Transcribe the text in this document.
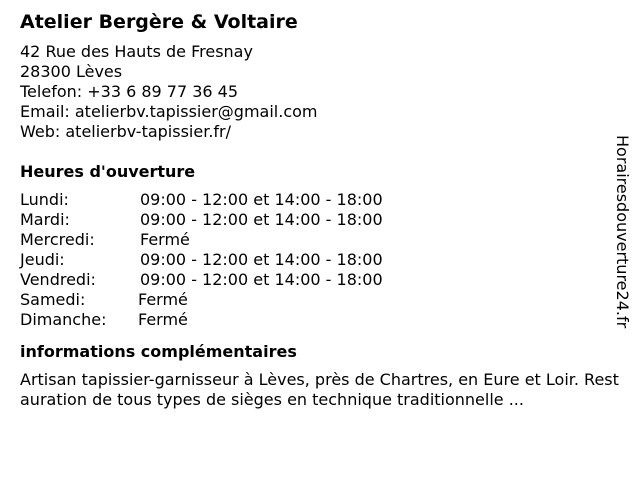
Atelier Bergère & Voltaire
42 Rue des Hauts de Fresnay
28300 Lèves
Telefon: +33 6 89 77 36 45
Email: atelierbv.tapissier@gmail.com
Web: atelierbv-tapissier.fr/
Heures d'ouverture
Lundi:	09:00 - 12:00 et 14:00 - 18:00
Mardi:	09:00 - 12:00 et 14:00 - 18:00
Mercredi:	Fermé
Jeudi:	09:00 - 12:00 et 14:00 - 18:00
Vendredi:	09:00 - 12:00 et 14:00 - 18:00
Samedi:	Fermé
Dimanche: Fermé
informations complémentaires
Artisan tapissier-garnisseur à Lèves, près de Chartres, en Eure et Loir. Restauration de tous types de sièges en technique traditionnelle ...
Horairesdouverture24.fr
